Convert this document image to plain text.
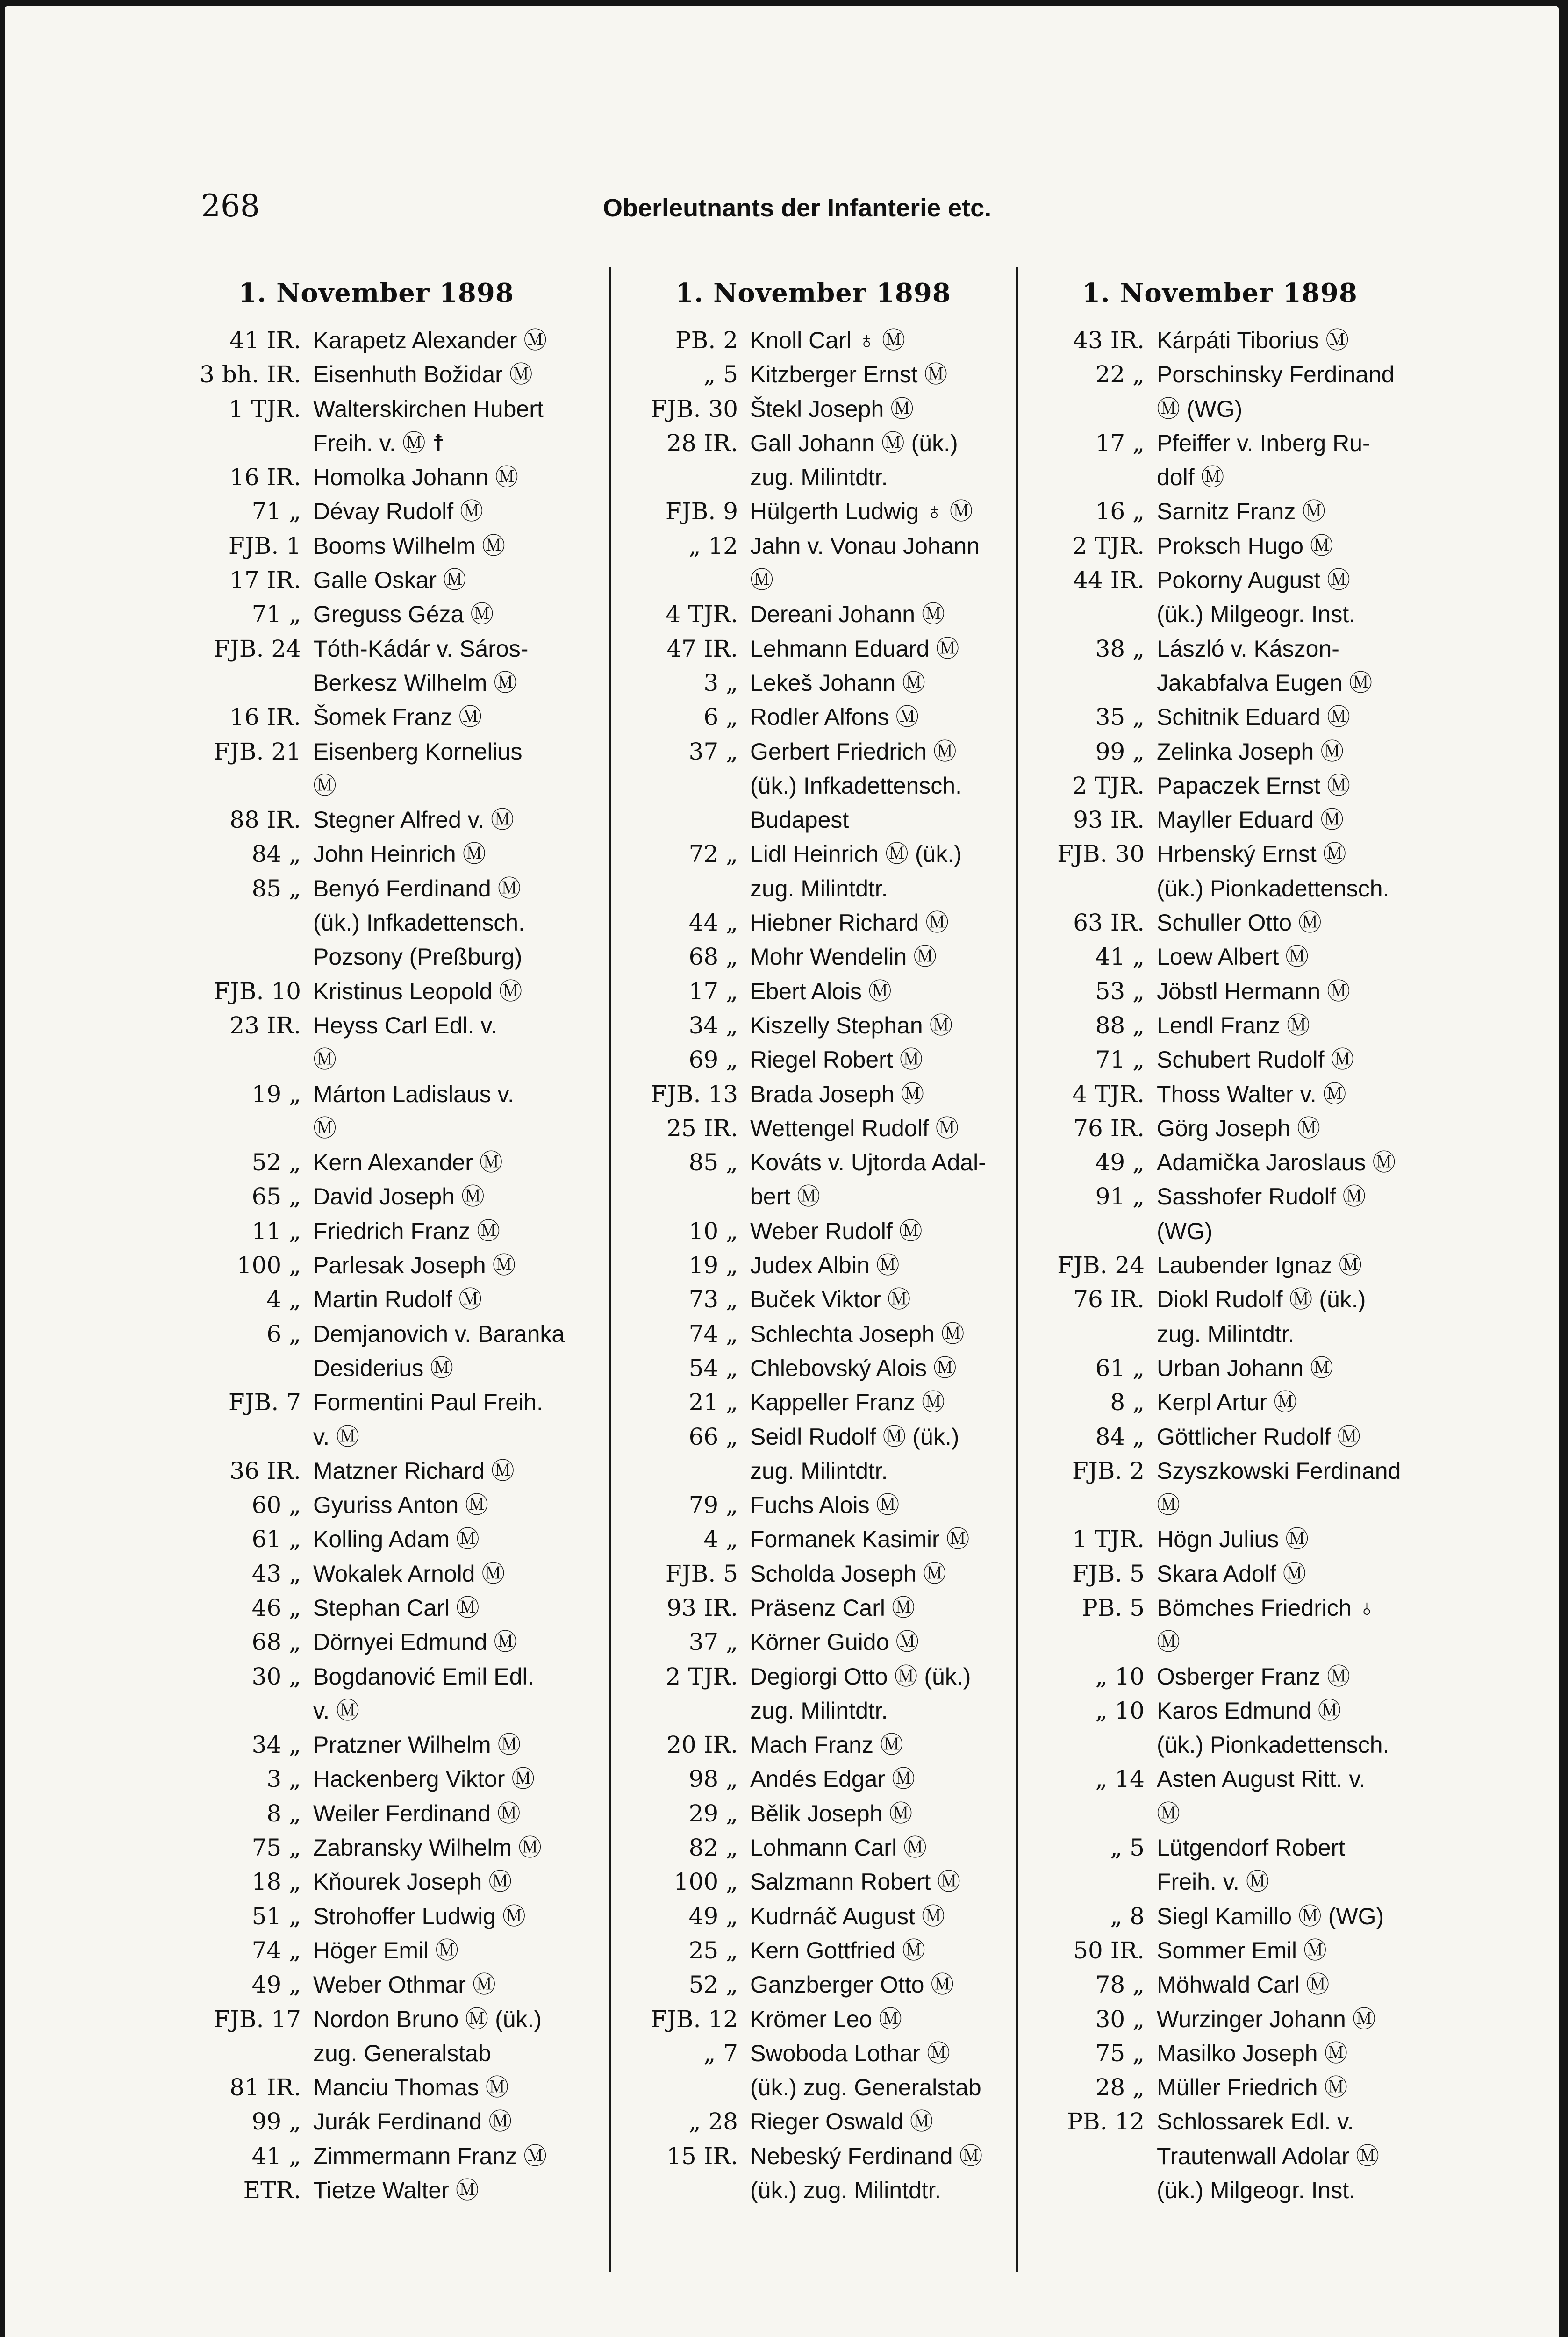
268	Oberleutnants der Infanterie etc.
1. November 1898
41 IR. Karapetz Alexander Ⓜ
3 bh. IR. Eisenhuth Božidar Ⓜ
1 TJR. Walterskirchen Hubert
Freih. v. Ⓜ ☨
16 IR. Homolka Johann Ⓜ
71 „ Dévay Rudolf Ⓜ
FJB. 1 Booms Wilhelm Ⓜ
17 IR. Galle Oskar Ⓜ
71 „ Greguss Géza Ⓜ
FJB. 24 Tóth-Kádár v. Sáros-
Berkesz Wilhelm Ⓜ
16 IR. Šomek Franz Ⓜ
FJB. 21 Eisenberg Kornelius
Ⓜ
88 IR. Stegner Alfred v. Ⓜ
84 „ John Heinrich Ⓜ
85 „ Benyó Ferdinand Ⓜ
(ük.) Infkadettensch.
Pozsony (Preßburg)
FJB. 10 Kristinus Leopold Ⓜ
23 IR. Heyss Carl Edl. v.
Ⓜ
19 „ Márton Ladislaus v.
Ⓜ
52 „ Kern Alexander Ⓜ
65 „ David Joseph Ⓜ
11 „ Friedrich Franz Ⓜ
100 „ Parlesak Joseph Ⓜ
4 „ Martin Rudolf Ⓜ
6 „ Demjanovich v. Baranka
Desiderius Ⓜ
FJB. 7 Formentini Paul Freih.
v. Ⓜ
36 IR. Matzner Richard Ⓜ
60 „ Gyuriss Anton Ⓜ
61 „ Kolling Adam Ⓜ
43 „ Wokalek Arnold Ⓜ
46 „ Stephan Carl Ⓜ
68 „ Dörnyei Edmund Ⓜ
30 „ Bogdanović Emil Edl.
v. Ⓜ
34 „ Pratzner Wilhelm Ⓜ
3 „ Hackenberg Viktor Ⓜ
8 „ Weiler Ferdinand Ⓜ
75 „ Zabransky Wilhelm Ⓜ
18 „ Kňourek Joseph Ⓜ
51 „ Strohoffer Ludwig Ⓜ
74 „ Höger Emil Ⓜ
49 „ Weber Othmar Ⓜ
FJB. 17 Nordon Bruno Ⓜ (ük.)
zug. Generalstab
81 IR. Manciu Thomas Ⓜ
99 „ Jurák Ferdinand Ⓜ
41 „ Zimmermann Franz Ⓜ
ETR. Tietze Walter Ⓜ
1. November 1898
PB. 2 Knoll Carl ♁ Ⓜ
„ 5 Kitzberger Ernst Ⓜ
FJB. 30 Štekl Joseph Ⓜ
28 IR. Gall Johann Ⓜ (ük.)
zug. Milintdtr.
FJB. 9 Hülgerth Ludwig ♁ Ⓜ
„ 12 Jahn v. Vonau Johann
Ⓜ
4 TJR. Dereani Johann Ⓜ
47 IR. Lehmann Eduard Ⓜ
3 „ Lekeš Johann Ⓜ
6 „ Rodler Alfons Ⓜ
37 „ Gerbert Friedrich Ⓜ
(ük.) Infkadettensch.
Budapest
72 „ Lidl Heinrich Ⓜ (ük.)
zug. Milintdtr.
44 „ Hiebner Richard Ⓜ
68 „ Mohr Wendelin Ⓜ
17 „ Ebert Alois Ⓜ
34 „ Kiszelly Stephan Ⓜ
69 „ Riegel Robert Ⓜ
FJB. 13 Brada Joseph Ⓜ
25 IR. Wettengel Rudolf Ⓜ
85 „ Kováts v. Ujtorda Adal-
bert Ⓜ
10 „ Weber Rudolf Ⓜ
19 „ Judex Albin Ⓜ
73 „ Buček Viktor Ⓜ
74 „ Schlechta Joseph Ⓜ
54 „ Chlebovský Alois Ⓜ
21 „ Kappeller Franz Ⓜ
66 „ Seidl Rudolf Ⓜ (ük.)
zug. Milintdtr.
79 „ Fuchs Alois Ⓜ
4 „ Formanek Kasimir Ⓜ
FJB. 5 Scholda Joseph Ⓜ
93 IR. Präsenz Carl Ⓜ
37 „ Körner Guido Ⓜ
2 TJR. Degiorgi Otto Ⓜ (ük.)
zug. Milintdtr.
20 IR. Mach Franz Ⓜ
98 „ Andés Edgar Ⓜ
29 „ Bělik Joseph Ⓜ
82 „ Lohmann Carl Ⓜ
100 „ Salzmann Robert Ⓜ
49 „ Kudrnáč August Ⓜ
25 „ Kern Gottfried Ⓜ
52 „ Ganzberger Otto Ⓜ
FJB. 12 Krömer Leo Ⓜ
„ 7 Swoboda Lothar Ⓜ
(ük.) zug. Generalstab
„ 28 Rieger Oswald Ⓜ
15 IR. Nebeský Ferdinand Ⓜ
(ük.) zug. Milintdtr.
1. November 1898
43 IR. Kárpáti Tiborius Ⓜ
22 „ Porschinsky Ferdinand
Ⓜ (WG)
17 „ Pfeiffer v. Inberg Ru-
dolf Ⓜ
16 „ Sarnitz Franz Ⓜ
2 TJR. Proksch Hugo Ⓜ
44 IR. Pokorny August Ⓜ
(ük.) Milgeogr. Inst.
38 „ László v. Kászon-
Jakabfalva Eugen Ⓜ
35 „ Schitnik Eduard Ⓜ
99 „ Zelinka Joseph Ⓜ
2 TJR. Papaczek Ernst Ⓜ
93 IR. Mayller Eduard Ⓜ
FJB. 30 Hrbenský Ernst Ⓜ
(ük.) Pionkadettensch.
63 IR. Schuller Otto Ⓜ
41 „ Loew Albert Ⓜ
53 „ Jöbstl Hermann Ⓜ
88 „ Lendl Franz Ⓜ
71 „ Schubert Rudolf Ⓜ
4 TJR. Thoss Walter v. Ⓜ
76 IR. Görg Joseph Ⓜ
49 „ Adamička Jaroslaus Ⓜ
91 „ Sasshofer Rudolf Ⓜ
(WG)
FJB. 24 Laubender Ignaz Ⓜ
76 IR. Diokl Rudolf Ⓜ (ük.)
zug. Milintdtr.
61 „ Urban Johann Ⓜ
8 „ Kerpl Artur Ⓜ
84 „ Göttlicher Rudolf Ⓜ
FJB. 2 Szyszkowski Ferdinand
Ⓜ
1 TJR. Högn Julius Ⓜ
FJB. 5 Skara Adolf Ⓜ
PB. 5 Bömches Friedrich ♁
Ⓜ
„ 10 Osberger Franz Ⓜ
„ 10 Karos Edmund Ⓜ
(ük.) Pionkadettensch.
„ 14 Asten August Ritt. v.
Ⓜ
„ 5 Lütgendorf Robert
Freih. v. Ⓜ
„ 8 Siegl Kamillo Ⓜ (WG)
50 IR. Sommer Emil Ⓜ
78 „ Möhwald Carl Ⓜ
30 „ Wurzinger Johann Ⓜ
75 „ Masilko Joseph Ⓜ
28 „ Müller Friedrich Ⓜ
PB. 12 Schlossarek Edl. v.
Trautenwall Adolar Ⓜ
(ük.) Milgeogr. Inst.
